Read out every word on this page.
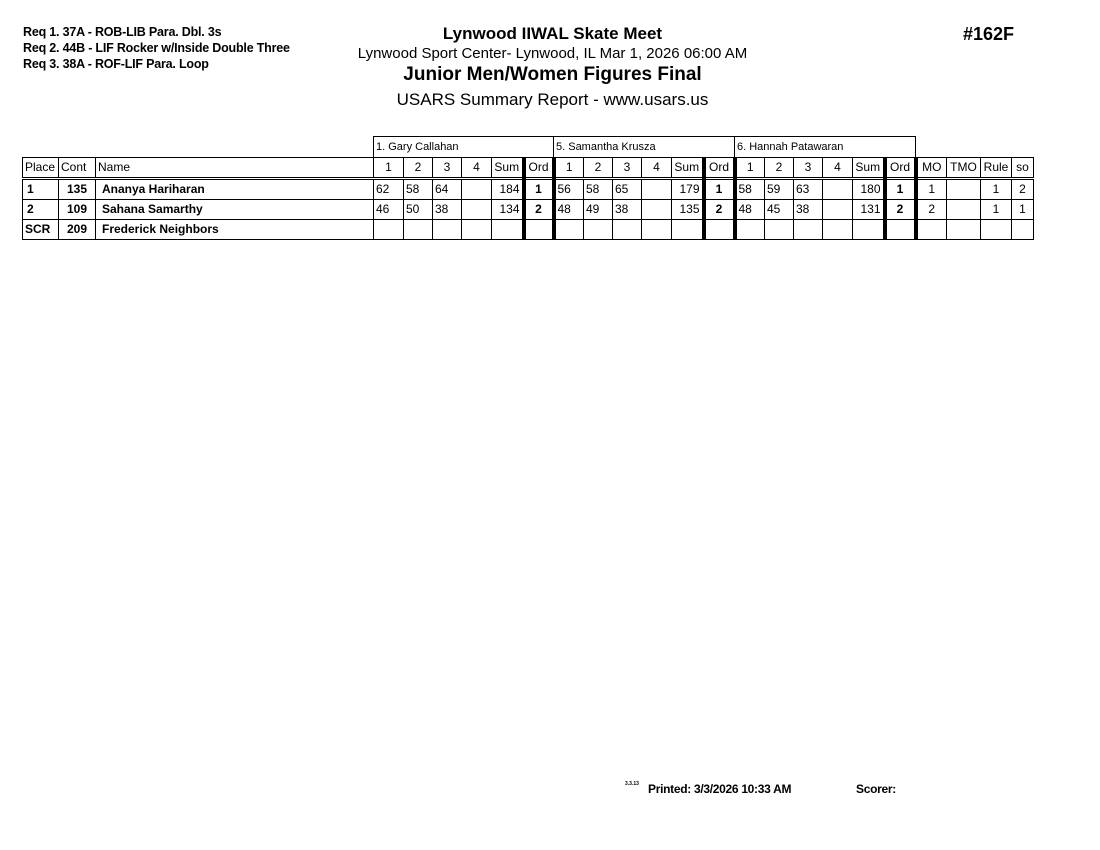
Req 1. 37A - ROB-LIB Para. Dbl. 3s
Req 2. 44B - LIF Rocker w/Inside Double Three
Req 3. 38A - ROF-LIF Para. Loop
Lynwood IIWAL Skate Meet
Lynwood Sport Center- Lynwood, IL Mar 1, 2026 06:00 AM
Junior Men/Women Figures Final
USARS Summary Report - www.usars.us
#162F
			1. Gary Callahan						5. Samantha Krusza						6. Hannah Patawaran									
Place	Cont	Name	1	2	3	4	Sum	Ord	1	2	3	4	Sum	Ord	1	2	3	4	Sum	Ord	MO	TMO	Rule	so
1	135	Ananya Hariharan	62	58	64		184	1	56	58	65		179	1	58	59	63		180	1	1		1	2
2	109	Sahana Samarthy	46	50	38		134	2	48	49	38		135	2	48	45	38		131	2	2		1	1
SCR	209	Frederick Neighbors																						
3.3.13 Printed: 3/3/2026 10:33 AM	Scorer:
